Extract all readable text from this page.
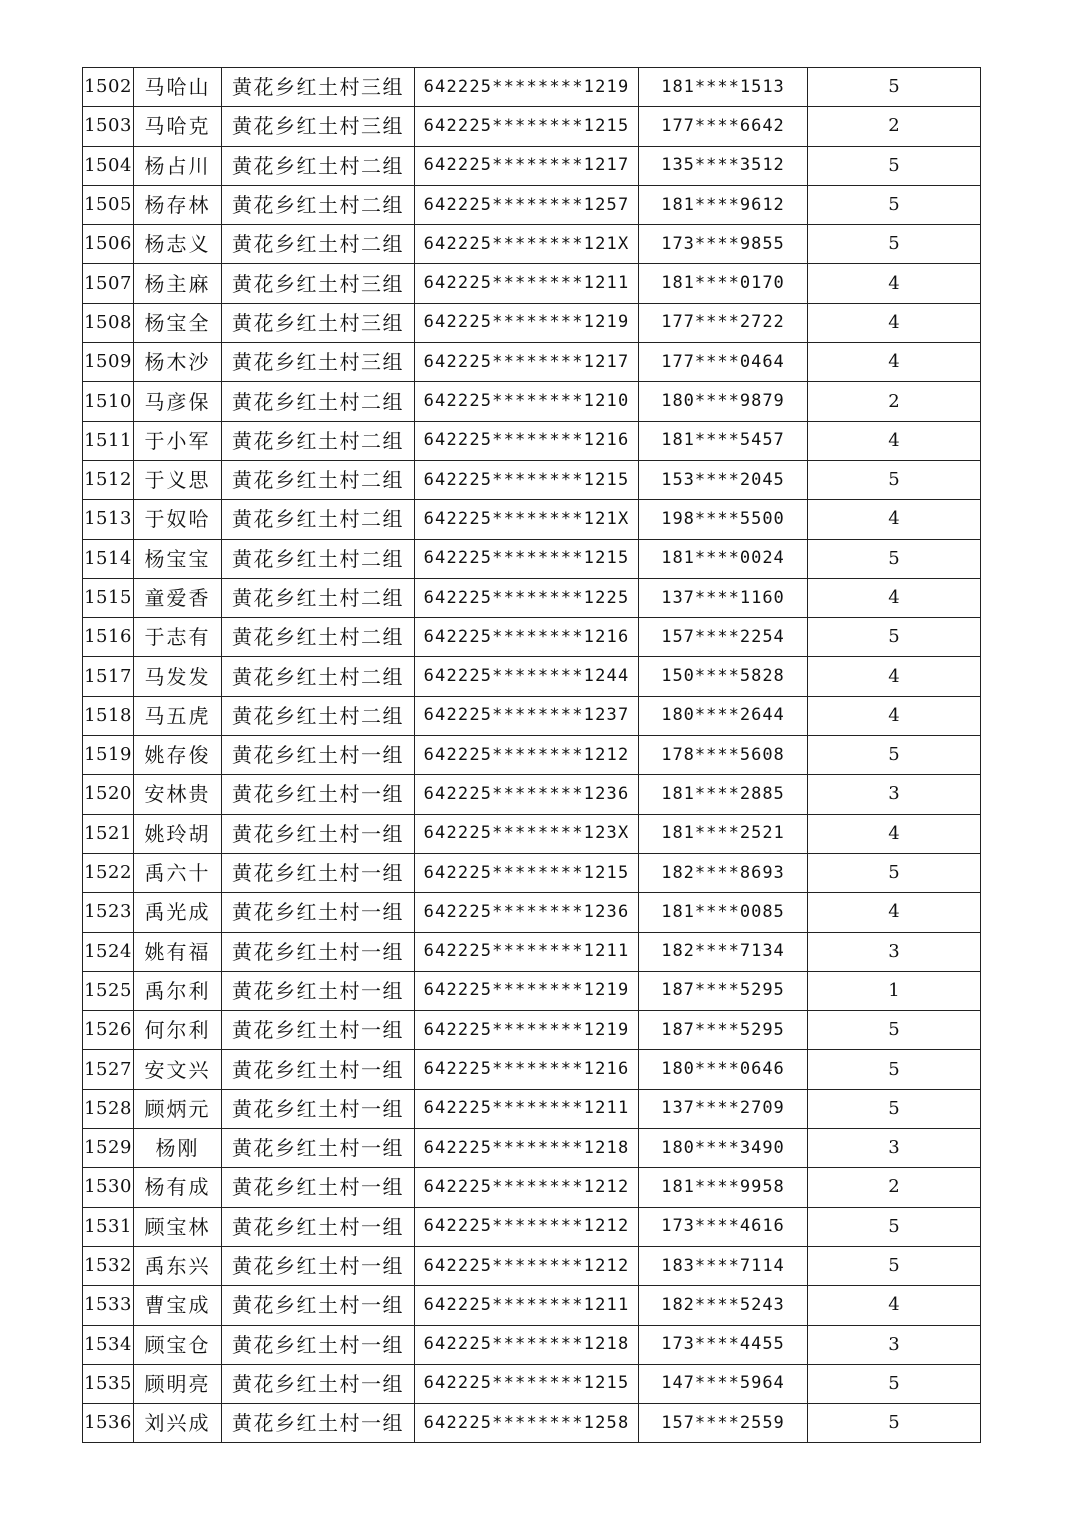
1502	马哈山	黄花乡红土村三组	642225********1219	181****1513	5
1503	马哈克	黄花乡红土村三组	642225********1215	177****6642	2
1504	杨占川	黄花乡红土村二组	642225********1217	135****3512	5
1505	杨存林	黄花乡红土村二组	642225********1257	181****9612	5
1506	杨志义	黄花乡红土村二组	642225********121X	173****9855	5
1507	杨主麻	黄花乡红土村三组	642225********1211	181****0170	4
1508	杨宝全	黄花乡红土村三组	642225********1219	177****2722	4
1509	杨木沙	黄花乡红土村三组	642225********1217	177****0464	4
1510	马彦保	黄花乡红土村二组	642225********1210	180****9879	2
1511	于小军	黄花乡红土村二组	642225********1216	181****5457	4
1512	于义思	黄花乡红土村二组	642225********1215	153****2045	5
1513	于奴哈	黄花乡红土村二组	642225********121X	198****5500	4
1514	杨宝宝	黄花乡红土村二组	642225********1215	181****0024	5
1515	童爱香	黄花乡红土村二组	642225********1225	137****1160	4
1516	于志有	黄花乡红土村二组	642225********1216	157****2254	5
1517	马发发	黄花乡红土村二组	642225********1244	150****5828	4
1518	马五虎	黄花乡红土村二组	642225********1237	180****2644	4
1519	姚存俊	黄花乡红土村一组	642225********1212	178****5608	5
1520	安林贵	黄花乡红土村一组	642225********1236	181****2885	3
1521	姚玲胡	黄花乡红土村一组	642225********123X	181****2521	4
1522	禹六十	黄花乡红土村一组	642225********1215	182****8693	5
1523	禹光成	黄花乡红土村一组	642225********1236	181****0085	4
1524	姚有福	黄花乡红土村一组	642225********1211	182****7134	3
1525	禹尔利	黄花乡红土村一组	642225********1219	187****5295	1
1526	何尔利	黄花乡红土村一组	642225********1219	187****5295	5
1527	安文兴	黄花乡红土村一组	642225********1216	180****0646	5
1528	顾炳元	黄花乡红土村一组	642225********1211	137****2709	5
1529	杨刚	黄花乡红土村一组	642225********1218	180****3490	3
1530	杨有成	黄花乡红土村一组	642225********1212	181****9958	2
1531	顾宝林	黄花乡红土村一组	642225********1212	173****4616	5
1532	禹东兴	黄花乡红土村一组	642225********1212	183****7114	5
1533	曹宝成	黄花乡红土村一组	642225********1211	182****5243	4
1534	顾宝仓	黄花乡红土村一组	642225********1218	173****4455	3
1535	顾明亮	黄花乡红土村一组	642225********1215	147****5964	5
1536	刘兴成	黄花乡红土村一组	642225********1258	157****2559	5
